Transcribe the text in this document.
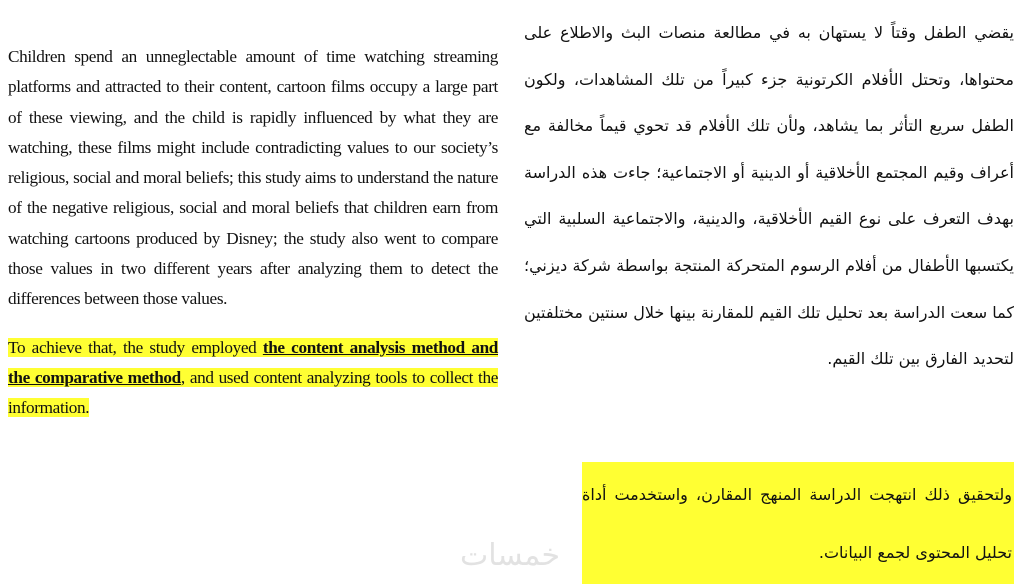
Children spend an unneglectable amount of time watching streaming platforms and attracted to their content, cartoon films occupy a large part of these viewing, and the child is rapidly influenced by what they are watching, these films might include contradicting values to our society’s religious, social and moral beliefs; this study aims to understand the nature of the negative religious, social and moral beliefs that children earn from watching cartoons produced by Disney; the study also went to compare those values in two different years after analyzing them to detect the differences between those values.

To achieve that, the study employed the content analysis method and the comparative method, and used content analyzing tools to collect the information.

يقضي الطفل وقتاً لا يستهان به في مطالعة منصات البث والاطلاع على محتواها، وتحتل الأفلام الكرتونية جزء كبيراً من تلك المشاهدات، ولكون الطفل سريع التأثر بما يشاهد، ولأن تلك الأفلام قد تحوي قيماً مخالفة مع أعراف وقيم المجتمع الأخلاقية أو الدينية أو الاجتماعية؛ جاءت هذه الدراسة بهدف التعرف على نوع القيم الأخلاقية، والدينية، والاجتماعية السلبية التي يكتسبها الأطفال من أفلام الرسوم المتحركة المنتجة بواسطة شركة ديزني؛ كما سعت الدراسة بعد تحليل تلك القيم للمقارنة بينها خلال سنتين مختلفتين لتحديد الفارق بين تلك القيم.

ولتحقيق ذلك انتهجت الدراسة المنهج المقارن، واستخدمت أداة تحليل المحتوى لجمع البيانات.
خمسات
